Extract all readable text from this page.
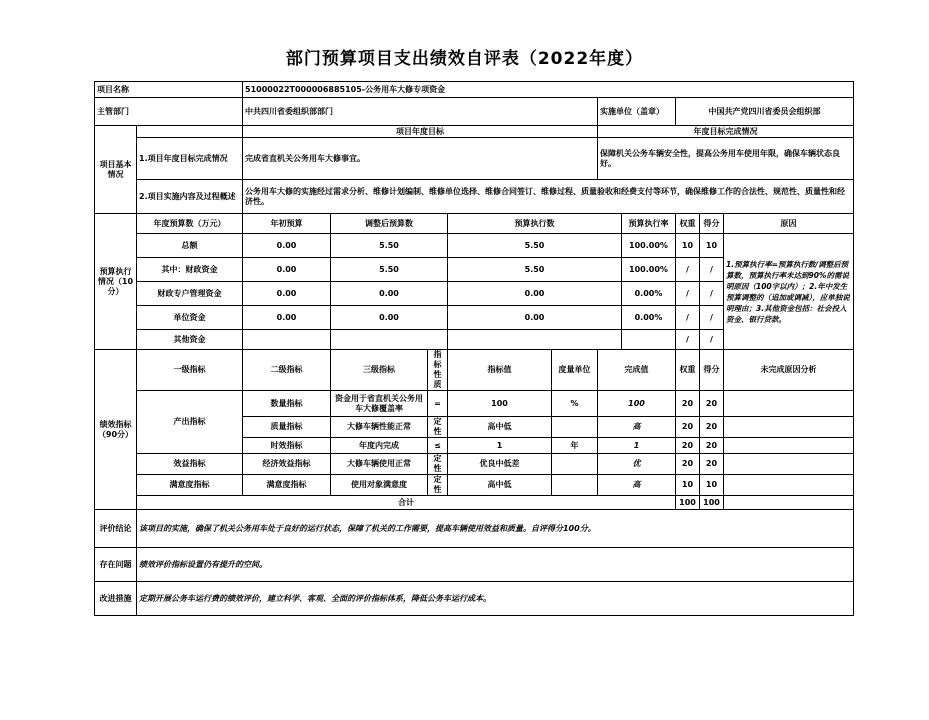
部门预算项目支出绩效自评表（2022年度）
项目名称		51000022T000006885105-公务用车大修专项资金									
主管部门		中共四川省委组织部部门					实施单位（盖章）		中国共产党四川省委员会组织部		
项目基本情况		项目年度目标					年度目标完成情况				
	1.项目年度目标完成情况	完成省直机关公务用车大修事宜。					保障机关公务车辆安全性，提高公务用车使用年限，确保车辆状态良好。				
	2.项目实施内容及过程概述	公务用车大修的实施经过需求分析、维修计划编制、维修单位选择、维修合同签订、维修过程、质量验收和经费支付等环节，确保维修工作的合法性、规范性、质量性和经济性。									
预算执行情况（10分）	年度预算数（万元）	年初预算	调整后预算数		预算执行数			预算执行率	权重	得分	原因
	总额	0.00	5.50		5.50			100.00%	10	10	1.预算执行率=预算执行数/调整后预算数，预算执行率未达到90%的需说明原因（100字以内）；2.年中发生预算调整的（追加或调减），应单独说明理由；3.其他资金包括：社会投入资金、银行贷款。
	其中：财政资金	0.00	5.50		5.50			100.00%	/	/	
	财政专户管理资金	0.00	0.00		0.00			0.00%	/	/	
	单位资金	0.00	0.00		0.00			0.00%	/	/	
	其他资金								/	/	
绩效指标（90分）	一级指标	二级指标	三级指标	指标性质	指标值	度量单位	完成值		权重	得分	未完成原因分析
	产出指标	数量指标	资金用于省直机关公务用车大修覆盖率	=	100	%	100		20	20	
		质量指标	大修车辆性能正常	定性	高中低		高		20	20	
		时效指标	年度内完成	≤	1	年	1		20	20	
	效益指标	经济效益指标	大修车辆使用正常	定性	优良中低差		优		20	20	
	满意度指标	满意度指标	使用对象满意度	定性	高中低		高		10	10	
	合计								100	100	
评价结论	该项目的实施，确保了机关公务用车处于良好的运行状态，保障了机关的工作需要，提高车辆使用效益和质量。自评得分100分。										
存在问题	绩效评价指标设置仍有提升的空间。										
改进措施	定期开展公务车运行费的绩效评价，建立科学、客观、全面的评价指标体系，降低公务车运行成本。										
